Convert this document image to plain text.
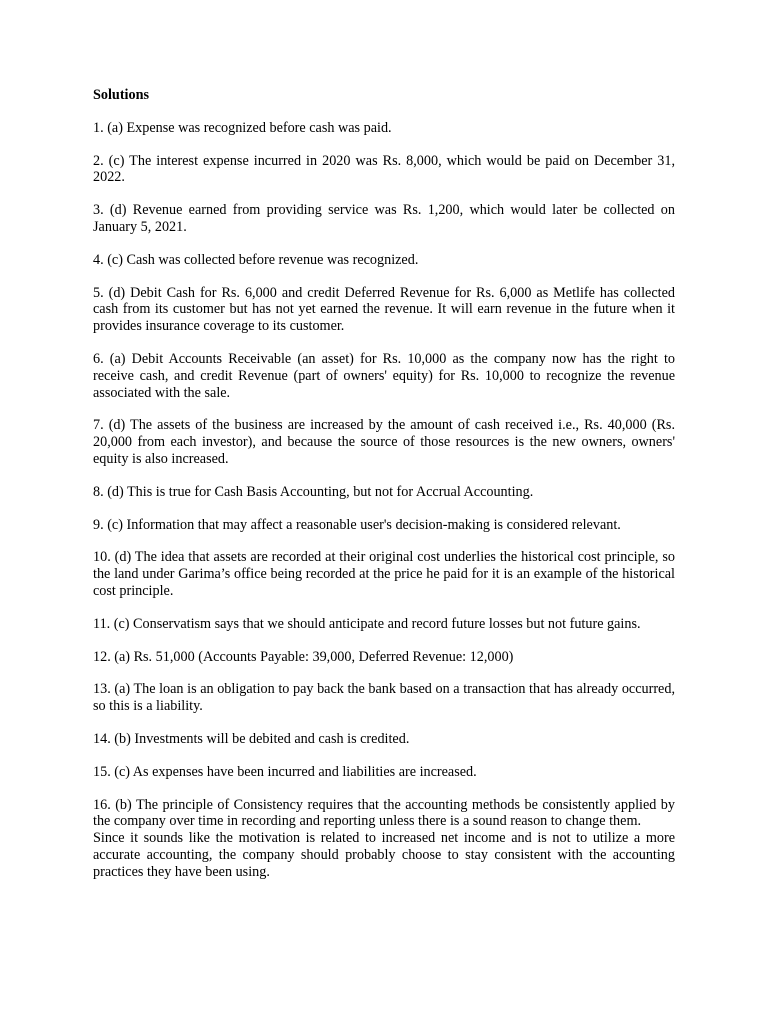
Solutions

1. (a) Expense was recognized before cash was paid.

2. (c) The interest expense incurred in 2020 was Rs. 8,000, which would be paid on December 31, 2022.

3. (d) Revenue earned from providing service was Rs. 1,200, which would later be collected on January 5, 2021.

4. (c) Cash was collected before revenue was recognized.

5. (d) Debit Cash for Rs. 6,000 and credit Deferred Revenue for Rs. 6,000 as Metlife has collected cash from its customer but has not yet earned the revenue. It will earn revenue in the future when it provides insurance coverage to its customer.

6. (a) Debit Accounts Receivable (an asset) for Rs. 10,000 as the company now has the right to receive cash, and credit Revenue (part of owners' equity) for Rs. 10,000 to recognize the revenue associated with the sale.

7. (d) The assets of the business are increased by the amount of cash received i.e., Rs. 40,000 (Rs. 20,000 from each investor), and because the source of those resources is the new owners, owners' equity is also increased.

8. (d) This is true for Cash Basis Accounting, but not for Accrual Accounting.

9. (c) Information that may affect a reasonable user's decision-making is considered relevant.

10. (d) The idea that assets are recorded at their original cost underlies the historical cost principle, so the land under Garima’s office being recorded at the price he paid for it is an example of the historical cost principle.

11. (c) Conservatism says that we should anticipate and record future losses but not future gains.

12. (a) Rs. 51,000 (Accounts Payable: 39,000, Deferred Revenue: 12,000)

13. (a) The loan is an obligation to pay back the bank based on a transaction that has already occurred, so this is a liability.

14. (b) Investments will be debited and cash is credited.

15. (c) As expenses have been incurred and liabilities are increased.

16. (b) The principle of Consistency requires that the accounting methods be consistently applied by the company over time in recording and reporting unless there is a sound reason to change them.

Since it sounds like the motivation is related to increased net income and is not to utilize a more accurate accounting, the company should probably choose to stay consistent with the accounting practices they have been using.
